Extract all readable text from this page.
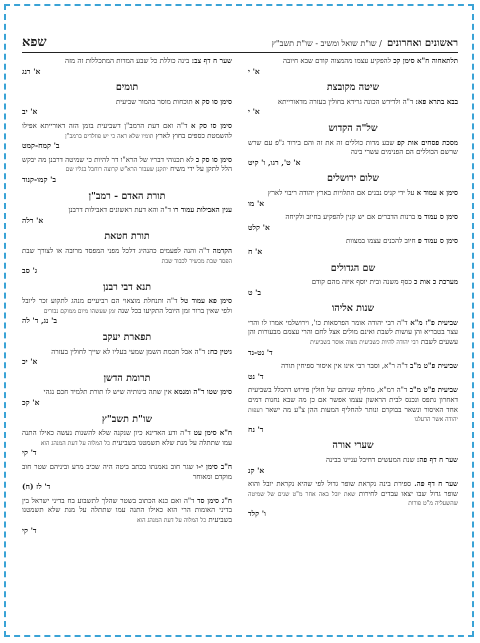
ראשונים ואחרונים / שו"ת שואל ומשיב - שו"ת תשב"ץ
שפא
תלתאחוה ח"א סימן קכ להפקיע עצמו מהמצוה קודם שבא חיובה
א' י
שיטה מקובצת
בבא בתרא פא: ד"ה ולדידש הכונה גרידא בחולין בעזרה מדאורייתא
א' י
של"ה הקדוש
מסכת פסחים אות קפ שבע מדות כוללים זה את זה והם בירוד ג"פ עם שרש שרשם הכוללים הם הפנימים עשרי בינה
א' ט', רגו, ו' קיט
שלום ירושלים
סימן א עמוד א על ידי קניס נבנים אם התלויות בארץ יהודה ריבוי לארץ
א' מו
סימן ס עמוד מ ברנות הדברים אם יש קנין להפקיע בחיוב ולקיחה
א' קלט
סימן ס עמוד פ חיוב להכנים עצמו במצוות
א' ח
שם הגדולים
מערכת כ אות כ כסף משנה ובית יוסף איזה מהם קודם
ב' ט
שנות אליהו
שביעית פ"ז מ"א ד"ה רבי יהודה אומר הפרסאות כו', וירושלמי אמרו לו והרי עצר בטבריא והן עושות לשבת ואינם מולים אצל לחם והרי עצמם מבעורות והן עשעים לשבת רבי יהודה להיות כשביעית מצוה אוסר בשביעית
ד' נט-נד
שביעית פ"ט מ"ב ד"ה ר"א, וסבר רבי אינו אין איסור ספיחין תורה
ד' נט
שביעית פ"ט מ"ב ד"ה רמ"א, מחליף שניהם של חולין פירוש דהכלל בשביעית דאחרון נתפס ונכנס לבית הראשון עצמו אפשר אם כן מה שבא נחנות דמים אחד האיסור ונשאר בבוקרם ונותר להחליף המעות ההן צ"ע מה ישאר רעפות יהודה אשר הדעלנו
ד' נח
שערי אורה
שער ח דף פה: שנת המעשים דחיבל עניינו בבינה
א' קנ
שער ח דף פה. ספירת בינה נקראת שופר גדול לפי שהיא נקראת יובל והוא שופר גדול שבו יצאו עבדים לחירות שאת יובל באה אחר מ"ט שנים של שמיטה שהשעליה מ"ט פורות
ו' קלד
שער ח דף צב: בינה כוללת כל שבע המדות המתכללות זה מזה
א' רנג
תומים
סימן סו סק א תוכחות מוסר בהמור שביעית
א' יב
סימן סו סק א ד"ה ואם דעת הרמב"ן דשביעית בזמן הזה דאורייתא אפילו להשמטת כספים בחוץ לארץ תומיו שלא ראה כי יש פוזלדים ברמב"ן
ב' קמח-קמט
סימן סו סק כ לא תכנוהי דבריו של הרא"ו דר להיות כי שמיטה דרבנן מה יבקש הלל לתקן על ידי משיח יתקנן שעבור הרא"ש קרוצה רוחבל בגליו שם
ב' קמו-קנוד
תורת האדם - רמב"ן
ענין האבילות עמוד רו ד"ה והא דעת ראשונים דאבילות דרבנן
א' רלה
תורת חטאת
הקדמה ד"ה והנה לפעמים כהנהיג דלכל מפני המפסד מרובה או לצורך שבת הפסד שבת מכשיר לכבוד שבת
ג' סב
תנא דבי רבנן
סימן פא עמוד טל ד"ה ותנחלת מוצאוי הם רביעיים מנהג לתקוע זכר ליובל ולפי שאין ברור זמן היובל התקיעו בכל שנה זמן שעשהו מיום ממוקם נבורים
ב' נג, ד' לה
תפארת יעקב
גיטין כח: ד"ה אבל חכמת השמן שמעי בעליו לא שייך לחולין בעזרה
א' יכ
תרומת הדשן
סימן שטו ד"ה ומנמא אין שתה בינותיה שיש לו תורת תלמיד חכם נגהי
א' קכ
שו"ת תשב"ץ
ח"א סימן עט ד"ה ודע האדינא כיון שנקנה שלא להשנות נעשה כאילו התנה עמו שתתלה על מנת שלא תשמטנו בשביעית כל המלוה על דעת המנהג הוא
ד' קי
ח"ב סימן י-ו שגר חוב נאמנתו בכתב ביטה היה שכיב מרע וביניהם שטר חוב מוקדם ומאוחר
ד' לז (ח)
ח"ג סימן סד ד"ה ואם כנא הכתוב בשטר שהלך לתשבוע בח בדיני ישראל בין בדיני האומות הרי הוא כאילו התנה עמו שתתלה על מנת שלא תשמטנו בשביעית כל המלוה על דעת המנהג הוא
ד' קי
